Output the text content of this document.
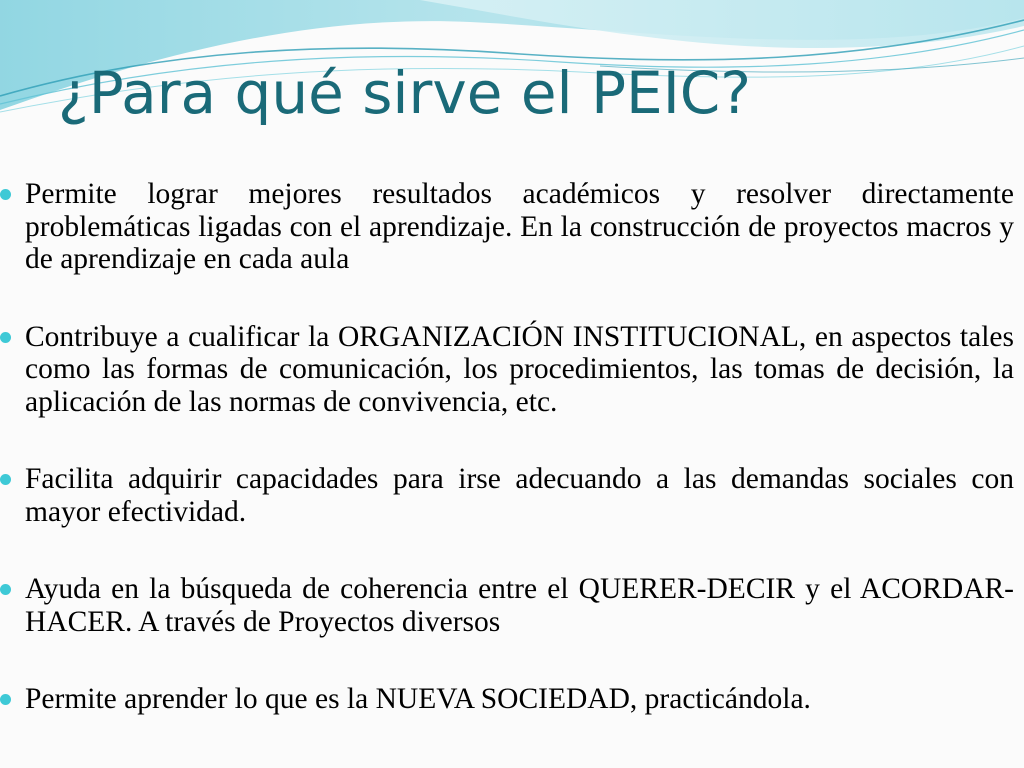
¿Para qué sirve el PEIC?
Permite lograr mejores resultados académicos y resolver directamente problemáticas ligadas con el aprendizaje. En la construcción de proyectos macros y de aprendizaje en cada aula
Contribuye a cualificar la ORGANIZACIÓN INSTITUCIONAL, en aspectos tales como las formas de comunicación, los procedimientos, las tomas de decisión, la aplicación de las normas de convivencia, etc.
Facilita adquirir capacidades para irse adecuando a las demandas sociales con mayor efectividad.
Ayuda en la búsqueda de coherencia entre el QUERER-DECIR y el ACORDAR-HACER. A través de Proyectos diversos
Permite aprender lo que es la NUEVA SOCIEDAD, practicándola.
